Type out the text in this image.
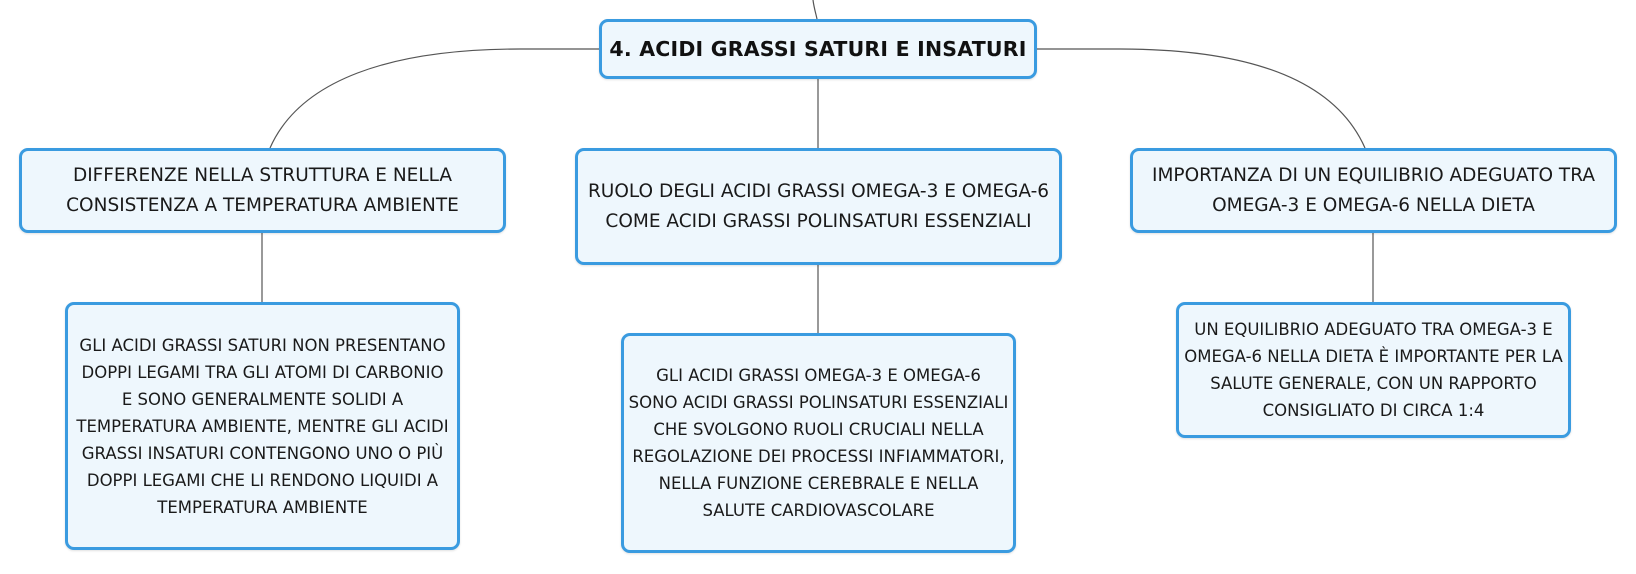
4. ACIDI GRASSI SATURI E INSATURI
DIFFERENZE NELLA STRUTTURA E NELLA
CONSISTENZA A TEMPERATURA AMBIENTE
RUOLO DEGLI ACIDI GRASSI OMEGA-3 E OMEGA-6
COME ACIDI GRASSI POLINSATURI ESSENZIALI
IMPORTANZA DI UN EQUILIBRIO ADEGUATO TRA
OMEGA-3 E OMEGA-6 NELLA DIETA
GLI ACIDI GRASSI SATURI NON PRESENTANO
DOPPI LEGAMI TRA GLI ATOMI DI CARBONIO
E SONO GENERALMENTE SOLIDI A
TEMPERATURA AMBIENTE, MENTRE GLI ACIDI
GRASSI INSATURI CONTENGONO UNO O PIÙ
DOPPI LEGAMI CHE LI RENDONO LIQUIDI A
TEMPERATURA AMBIENTE
GLI ACIDI GRASSI OMEGA-3 E OMEGA-6
SONO ACIDI GRASSI POLINSATURI ESSENZIALI
CHE SVOLGONO RUOLI CRUCIALI NELLA
REGOLAZIONE DEI PROCESSI INFIAMMATORI,
NELLA FUNZIONE CEREBRALE E NELLA
SALUTE CARDIOVASCOLARE
UN EQUILIBRIO ADEGUATO TRA OMEGA-3 E
OMEGA-6 NELLA DIETA È IMPORTANTE PER LA
SALUTE GENERALE, CON UN RAPPORTO
CONSIGLIATO DI CIRCA 1:4
